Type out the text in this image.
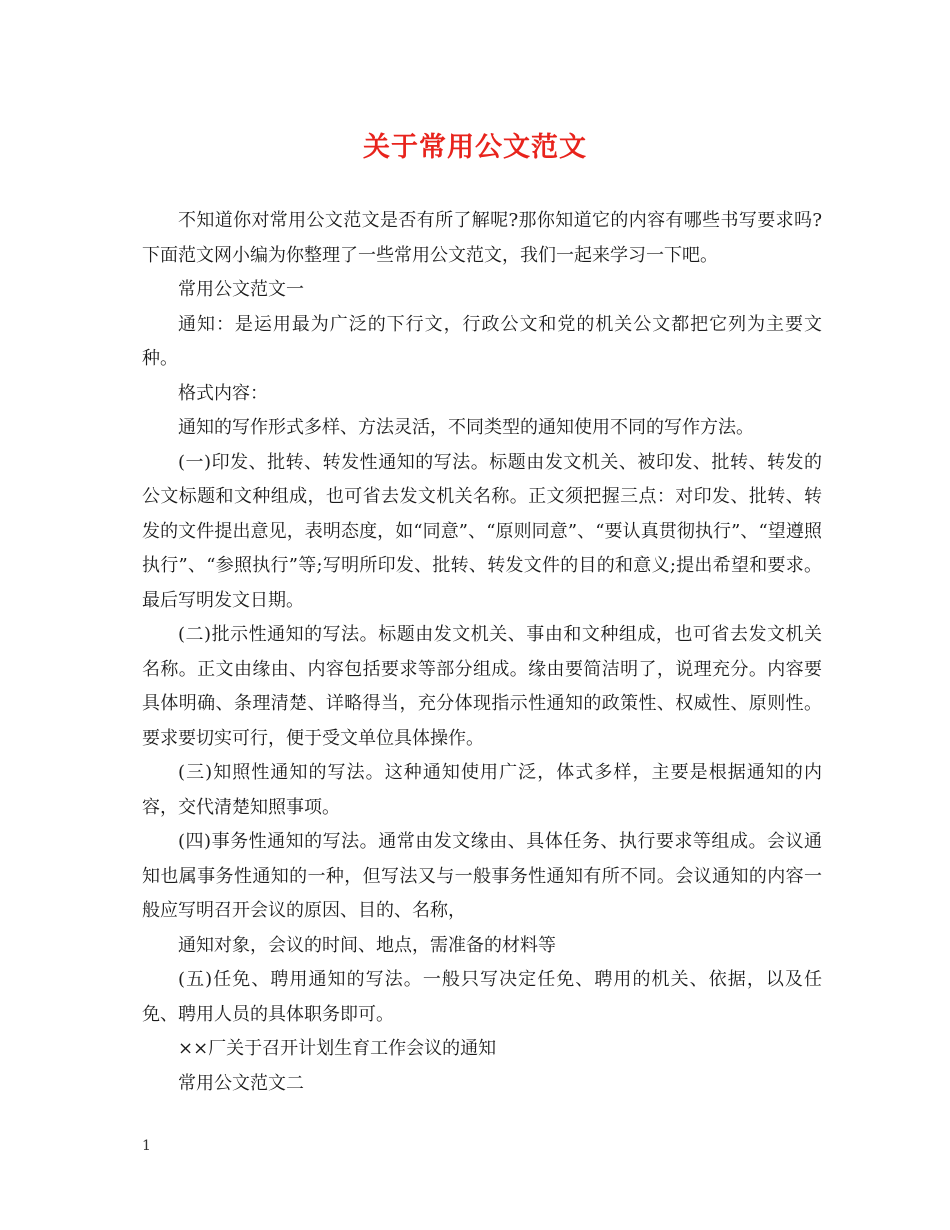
关于常用公文范文

不知道你对常用公文范文是否有所了解呢?那你知道它的内容有哪些书写要求吗?下面范文网小编为你整理了一些常用公文范文，我们一起来学习一下吧。

常用公文范文一

通知：是运用最为广泛的下行文，行政公文和党的机关公文都把它列为主要文种。

格式内容：

通知的写作形式多样、方法灵活，不同类型的通知使用不同的写作方法。

(一)印发、批转、转发性通知的写法。标题由发文机关、被印发、批转、转发的公文标题和文种组成，也可省去发文机关名称。正文须把握三点：对印发、批转、转发的文件提出意见，表明态度，如“同意”、“原则同意”、“要认真贯彻执行”、“望遵照执行”、“参照执行”等;写明所印发、批转、转发文件的目的和意义;提出希望和要求。最后写明发文日期。

(二)批示性通知的写法。标题由发文机关、事由和文种组成，也可省去发文机关名称。正文由缘由、内容包括要求等部分组成。缘由要简洁明了，说理充分。内容要具体明确、条理清楚、详略得当，充分体现指示性通知的政策性、权威性、原则性。要求要切实可行，便于受文单位具体操作。

(三)知照性通知的写法。这种通知使用广泛，体式多样，主要是根据通知的内容，交代清楚知照事项。

(四)事务性通知的写法。通常由发文缘由、具体任务、执行要求等组成。会议通知也属事务性通知的一种，但写法又与一般事务性通知有所不同。会议通知的内容一般应写明召开会议的原因、目的、名称，

通知对象，会议的时间、地点，需准备的材料等

(五)任免、聘用通知的写法。一般只写决定任免、聘用的机关、依据，以及任免、聘用人员的具体职务即可。

××厂关于召开计划生育工作会议的通知

常用公文范文二

1
